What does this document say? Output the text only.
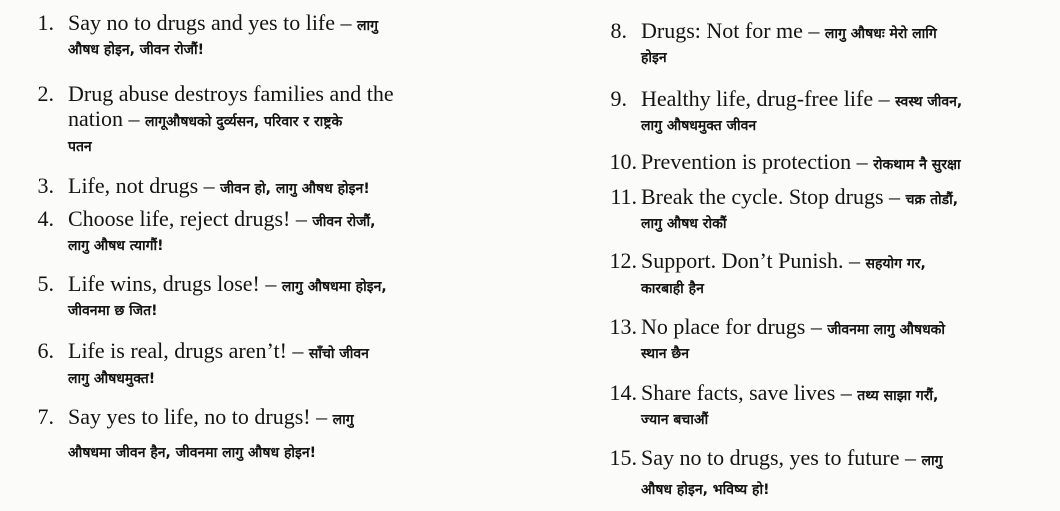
1. Say no to drugs and yes to life – लागु
औषध होइन, जीवन रोजौं!
2. Drug abuse destroys families and the
nation – लागूऔषधको दुर्व्यसन, परिवार र राष्ट्रके
पतन
3. Life, not drugs – जीवन हो, लागु औषध होइन!
4. Choose life, reject drugs! – जीवन रोजौं,
लागु औषध त्यागौं!
5. Life wins, drugs lose! – लागु औषधमा होइन,
जीवनमा छ जित!
6. Life is real, drugs aren’t! – साँचो जीवन
लागु औषधमुक्त!
7. Say yes to life, no to drugs! – लागु
औषधमा जीवन हैन, जीवनमा लागु औषध होइन!
8. Drugs: Not for me – लागु औषधः मेरो लागि
होइन
9. Healthy life, drug-free life – स्वस्थ जीवन,
लागु औषधमुक्त जीवन
10. Prevention is protection – रोकथाम नै सुरक्षा
11. Break the cycle. Stop drugs – चक्र तोडौं,
लागु औषध रोकौं
12. Support. Don’t Punish. – सहयोग गर,
कारबाही हैन
13. No place for drugs – जीवनमा लागु औषधको
स्थान छैन
14. Share facts, save lives – तथ्य साझा गरौं,
ज्यान बचाऔं
15. Say no to drugs, yes to future – लागु
औषध होइन, भविष्य हो!
